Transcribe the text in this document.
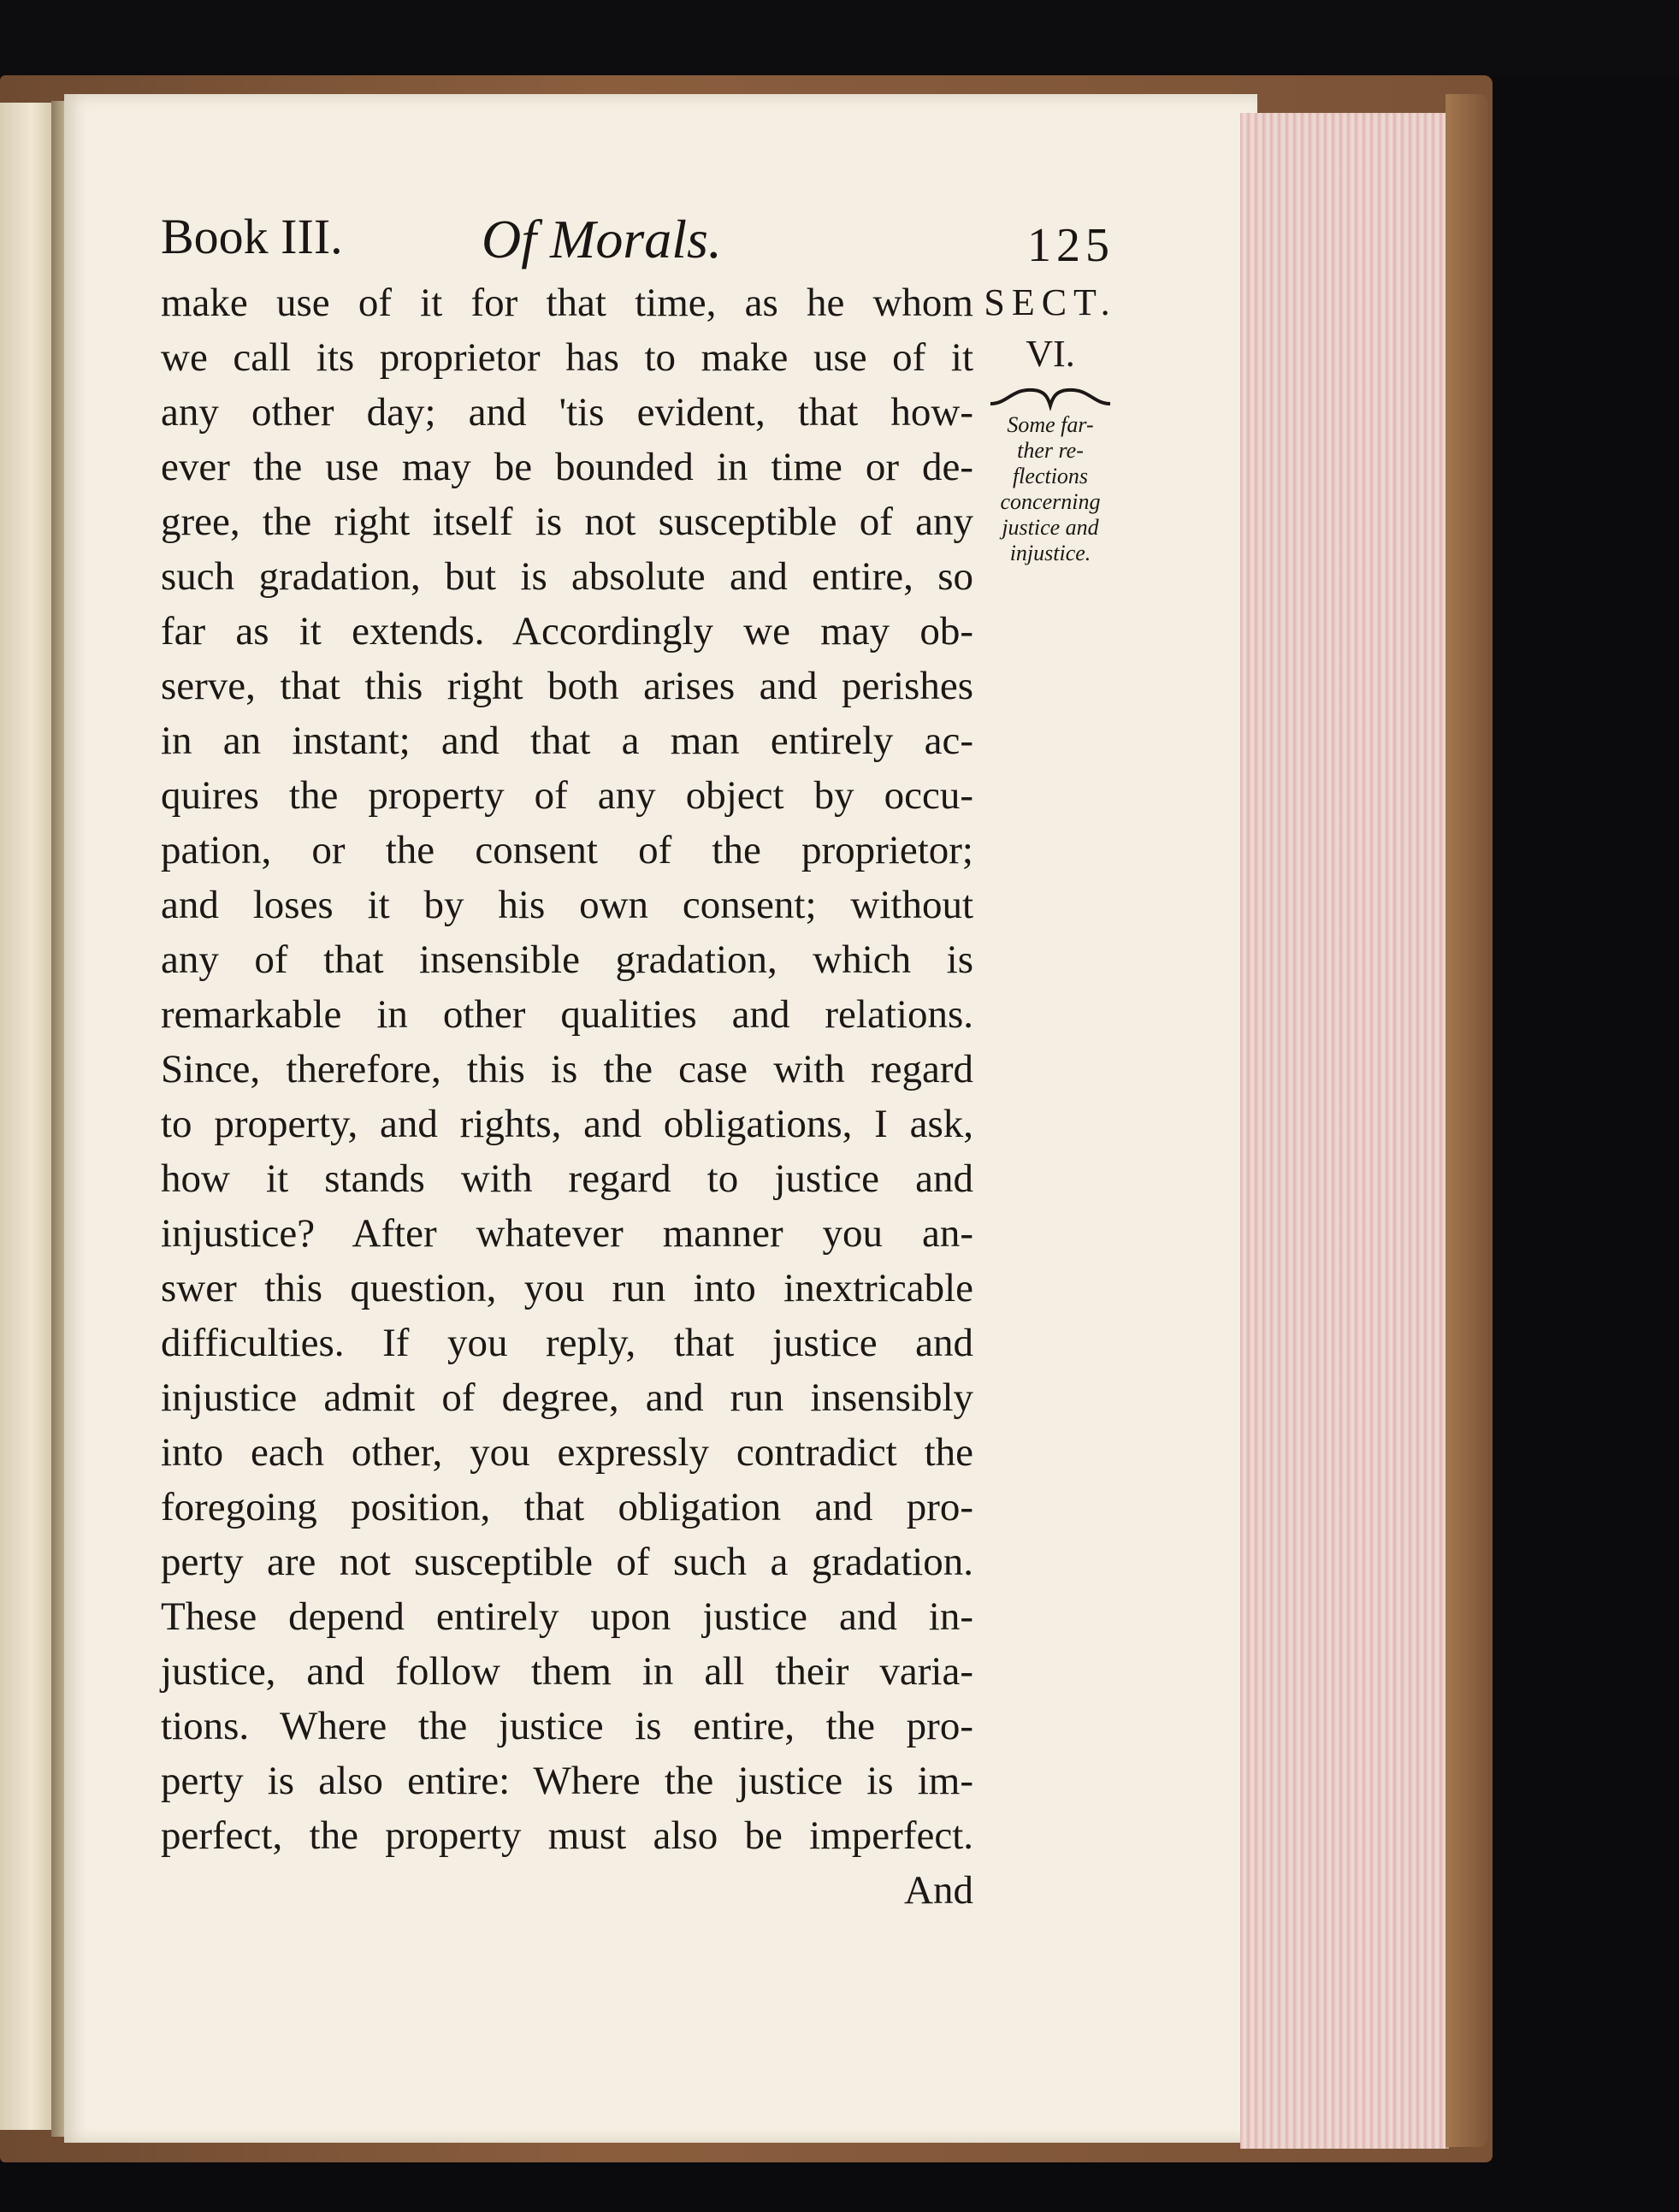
Book III.	Of Morals.	125
make use of it for that time, as he whom
we call its proprietor has to make use of it
any other day; and 'tis evident, that how-
ever the use may be bounded in time or de-
gree, the right itself is not susceptible of any
such gradation, but is absolute and entire, so
far as it extends. Accordingly we may ob-
serve, that this right both arises and perishes
in an instant; and that a man entirely ac-
quires the property of any object by occu-
pation, or the consent of the proprietor;
and loses it by his own consent; without
any of that insensible gradation, which is
remarkable in other qualities and relations.
Since, therefore, this is the case with regard
to property, and rights, and obligations, I ask,
how it stands with regard to justice and
injustice? After whatever manner you an-
swer this question, you run into inextricable
difficulties. If you reply, that justice and
injustice admit of degree, and run insensibly
into each other, you expressly contradict the
foregoing position, that obligation and pro-
perty are not susceptible of such a gradation.
These depend entirely upon justice and in-
justice, and follow them in all their varia-
tions. Where the justice is entire, the pro-
perty is also entire: Where the justice is im-
perfect, the property must also be imperfect.
And
SECT.
VI.
Some far-
ther re-
flections
concerning
justice and
injustice.
